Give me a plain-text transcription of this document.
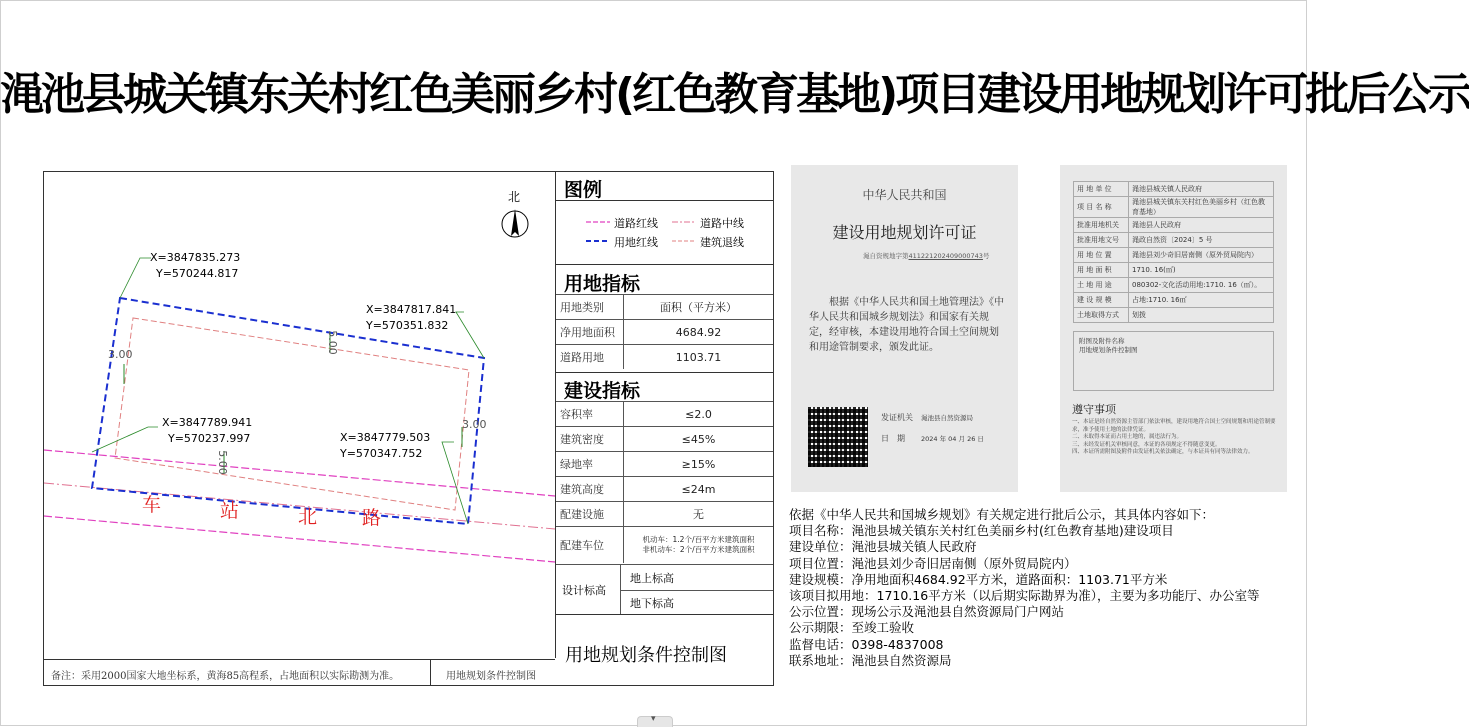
渑池县城关镇东关村红色美丽乡村(红色教育基地)项目建设用地规划许可批后公示
北
X=3847835.273
Y=570244.817
X=3847817.841
Y=570351.832
X=3847789.941
Y=570237.997	X=3847779.503
Y=570347.752
3.00	5.00
3.00
5.00
车	站	北 路
备注：采用2000国家大地坐标系，黄海85高程系，占地面积以实际勘测为准。	用地规划条件控制图
图例
道路红线	道路中线
用地红线	建筑退线
用地指标
用地类别	面积（平方米）
净用地面积	4684.92
道路用地	1103.71
建设指标
容积率	≤2.0
建筑密度	≤45%
绿地率	≥15%
建筑高度	≤24m
配建设施	无
配建车位	机动车：1.2个/百平方米建筑面积
非机动车：2个/百平方米建筑面积
设计标高
地上标高
地下标高
用地规划条件控制图
中华人民共和国
建设用地规划许可证
渑自资规地字第411221202409000743号
根据《中华人民共和国土地管理法》《中华人民共和国城乡规划法》和国家有关规定，经审核，本建设用地符合国土空间规划和用途管制要求，颁发此证。
发证机关　 渑池县自然资源局
日　期　　 2024 年 04 月 26 日
用 地 单 位	渑池县城关镇人民政府
项 目 名 称	渑池县城关镇东关村红色美丽乡村（红色教育基地）
批准用地机关	渑池县人民政府
批准用地文号	渑政自然资〔2024〕5 号
用 地 位 置	渑池县刘少奇旧居南侧（原外贸局院内）
用 地 面 积	1710. 16(㎡)
土 地 用 途	080302-文化活动用地:1710. 16（㎡）。
建 设 规 模	占地:1710. 16㎡
土地取得方式	划拨
附图及附件名称
用地规划条件控制图
遵守事项
一、本证是经自然资源主管部门依法审核，建设用地符合国土空间规划和用途管制要求，准予使用土地的法律凭证。
二、未取得本证而占用土地的，属违法行为。
三、未经发证机关审核同意，本证的各项规定不得随意变更。
四、本证所需附图及附件由发证机关依法确定，与本证具有同等法律效力。
依据《中华人民共和国城乡规划》有关规定进行批后公示，其具体内容如下：
项目名称：渑池县城关镇东关村红色美丽乡村(红色教育基地)建设项目
建设单位：渑池县城关镇人民政府
项目位置：渑池县刘少奇旧居南侧（原外贸局院内）
建设规模：净用地面积4684.92平方米，道路面积：1103.71平方米
该项目拟用地：1710.16平方米（以后期实际勘界为准），主要为多功能厅、办公室等
公示位置：现场公示及渑池县自然资源局门户网站
公示期限：至竣工验收
监督电话：0398-4837008
联系地址：渑池县自然资源局
▾
